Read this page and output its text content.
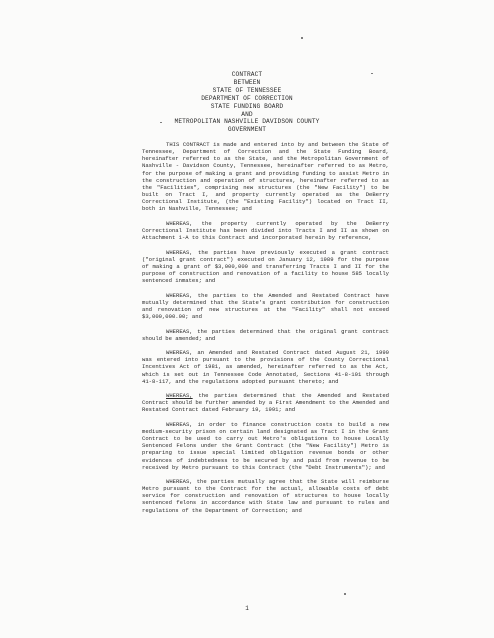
CONTRACT
BETWEEN
STATE OF TENNESSEE
DEPARTMENT OF CORRECTION
STATE FUNDING BOARD
AND
METROPOLITAN NASHVILLE DAVIDSON COUNTY
GOVERNMENT

THIS CONTRACT is made and entered into by and between the State of Tennessee, Department of Correction and the State Funding Board, hereinafter referred to as the State, and the Metropolitan Government of Nashville - Davidson County, Tennessee, hereinafter referred to as Metro, for the purpose of making a grant and providing funding to assist Metro in the construction and operation of structures, hereinafter referred to as the "Facilities", comprising new structures (the "New Facility") to be built on Tract I, and property currently operated as the DeBerry Correctional Institute, (the "Existing Facility") located on Tract II, both in Nashville, Tennessee; and

WHEREAS, the property currently operated by the DeBerry Correctional Institute has been divided into Tracts I and II as shown on Attachment 1-A to this Contract and incorporated herein by reference,

WHEREAS, the parties have previously executed a grant contract ("original grant contract") executed on January 12, 1989 for the purpose of making a grant of $3,000,000 and transferring Tracts I and II for the purpose of construction and renovation of a facility to house 585 locally sentenced inmates; and

WHEREAS, the parties to the Amended and Restated Contract have mutually determined that the State's grant contribution for construction and renovation of new structures at the "Facility" shall not exceed $3,000,000.00; and

WHEREAS, the parties determined that the original grant contract should be amended; and

WHEREAS, an Amended and Restated Contract dated August 21, 1990 was entered into pursuant to the provisions of the County Correctional Incentives Act of 1981, as amended, hereinafter referred to as the Act, which is set out in Tennessee Code Annotated, Sections 41-8-101 through 41-8-117, and the regulations adopted pursuant thereto; and

WHEREAS, the parties determined that the Amended and Restated Contract should be further amended by a First Amendment to the Amended and Restated Contract dated February 19, 1991; and

WHEREAS, in order to finance construction costs to build a new medium-security prison on certain land designated as Tract I in the Grant Contract to be used to carry out Metro's obligations to house Locally Sentenced Felons under the Grant Contract (the "New Facility") Metro is preparing to issue special limited obligation revenue bonds or other evidences of indebtedness to be secured by and paid from revenue to be received by Metro pursuant to this Contract (the "Debt Instruments"); and

WHEREAS, the parties mutually agree that the State will reimburse Metro pursuant to the Contract for the actual, allowable costs of debt service for construction and renovation of structures to house locally sentenced felons in accordance with State law and pursuant to rules and regulations of the Department of Correction; and

1
